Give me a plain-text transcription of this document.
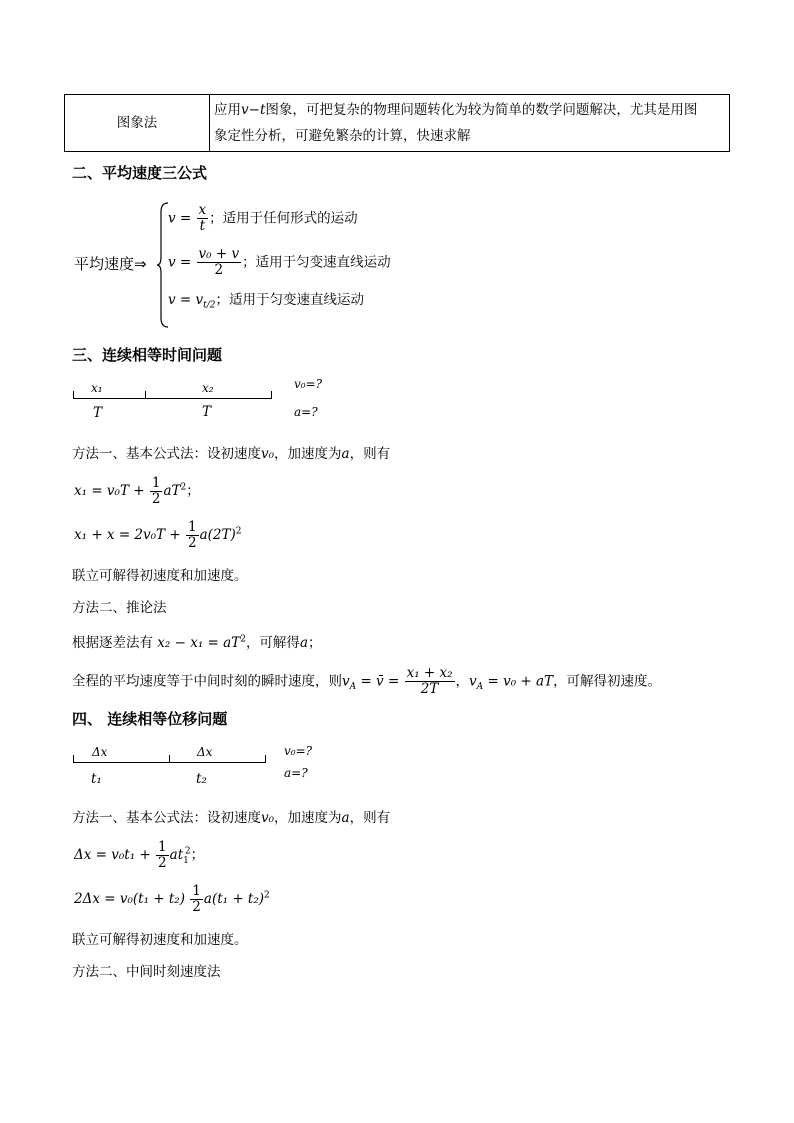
图象法	应用v−t图象，可把复杂的物理问题转化为较为简单的数学问题解决，尤其是用图
象定性分析，可避免繁杂的计算，快速求解
二、平均速度三公式
平均速度⇒
$v = \frac{x}{t}$ ；适用于任何形式的运动
$v = \frac{\text{v₀ + v}}{2}$ ；适用于匀变速直线运动
$v = v_{t/2}$；适用于匀变速直线运动
三、连续相等时间问题
x₁	x₂
T	T
v₀=?
a=?
方法一、基本公式法：设初速度v₀，加速度为a，则有
$x_1 = v_0T + \frac{1}{2} aT^2$；
$x_1 + x = 2v_0T + \frac{1}{2} a(2T)^2$
联立可解得初速度和加速度。
方法二、推论法
根据逐差法有 $x_2 - x_1 = aT^2$，可解得a；
全程的平均速度等于中间时刻的瞬时速度，则$v_A$ = v̄ = $\frac{\text{x₁ + x₂}}{2T}$ ，$v_A = v_0$ + aT，可解得初速度。
四、 连续相等位移问题
Δx	Δx
t₁	t₂
v₀=?
a=?
方法一、基本公式法：设初速度v₀，加速度为a，则有
$\Delta x = v_0t_1 + \frac{1}{2} at_1^2$；
$2\Delta x = v_0(t_1 + t_2) \frac{1}{2} a(t_1 + t_2)^2$
联立可解得初速度和加速度。
方法二、中间时刻速度法
